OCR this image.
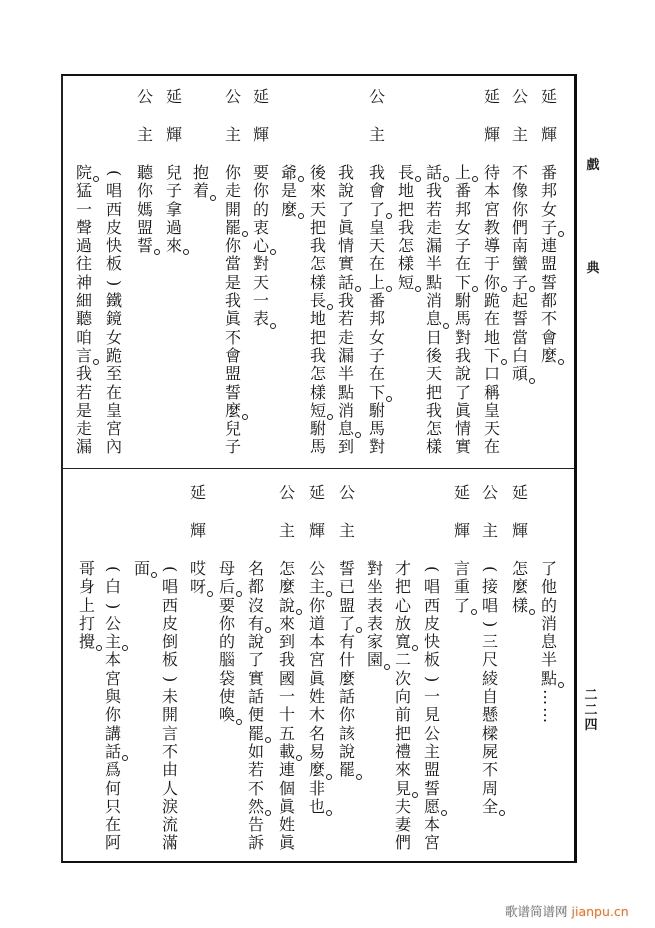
戲
典
二
二
四
延
輝
番
邦
女
子
連
盟
誓
都
不
會
麼
公
主
不
像
你
們
南
蠻
子
起
誓
當
白
頑
延
輝
待
本
宮
教
導
于
你
跪
在
地
下
口
稱
皇
天
在
上
番
邦
女
子
在
下
駙
馬
對
我
說
了
眞
情
實
話
我
若
走
漏
半
點
消
息
日
後
天
把
我
怎
樣
長
地
把
我
怎
樣
短
公
主
我
會
了
皇
天
在
上
番
邦
女
子
在
下
駙
馬
對
我
說
了
眞
情
實
話
我
若
走
漏
半
點
消
息
到
後
來
天
把
我
怎
樣
長
地
把
我
怎
樣
短
駙
馬
爺
是
麼
延
輝
要
你
的
衷
心
對
天
一
表
公
主
你
走
開
罷
你
當
是
我
眞
不
會
盟
誓
麼
兒
子
抱
着
延
輝
兒
子
拿
過
來
公
主
聽
你
媽
盟
誓
(
唱
西
皮
快
板
)
鐵
鏡
女
跪
至
在
皇
宮
內
院
猛
一
聲
過
往
神
細
聽
咱
言
我
若
是
走
漏
了
他
的
消
息
半
點
…
…
延
輝
怎
麼
樣
公
主
(
接
唱
)
三
尺
綾
自
懸
樑
屍
不
周
全
延
輝
言
重
了
(
唱
西
皮
快
板
)
一
見
公
主
盟
誓
愿
本
宮
才
把
心
放
寬
二
次
向
前
把
禮
來
見
夫
妻
們
對
坐
表
表
家
園
公
主
誓
已
盟
了
有
什
麼
話
你
該
說
罷
延
輝
公
主
你
道
本
宮
眞
姓
木
名
易
麼
非
也
公
主
怎
麼
說
來
到
我
國
一
十
五
載
連
個
眞
姓
眞
名
都
沒
有
說
了
實
話
便
罷
如
若
不
然
告
訴
母
后
要
你
的
腦
袋
使
喚
延
輝
哎
呀
(
唱
西
皮
倒
板
)
未
開
言
不
由
人
淚
流
滿
面
(
白
)
公
主
本
宮
與
你
講
話
爲
何
只
在
阿
哥
身
上
打
攪
歌谱简谱网 jianpu.cn
